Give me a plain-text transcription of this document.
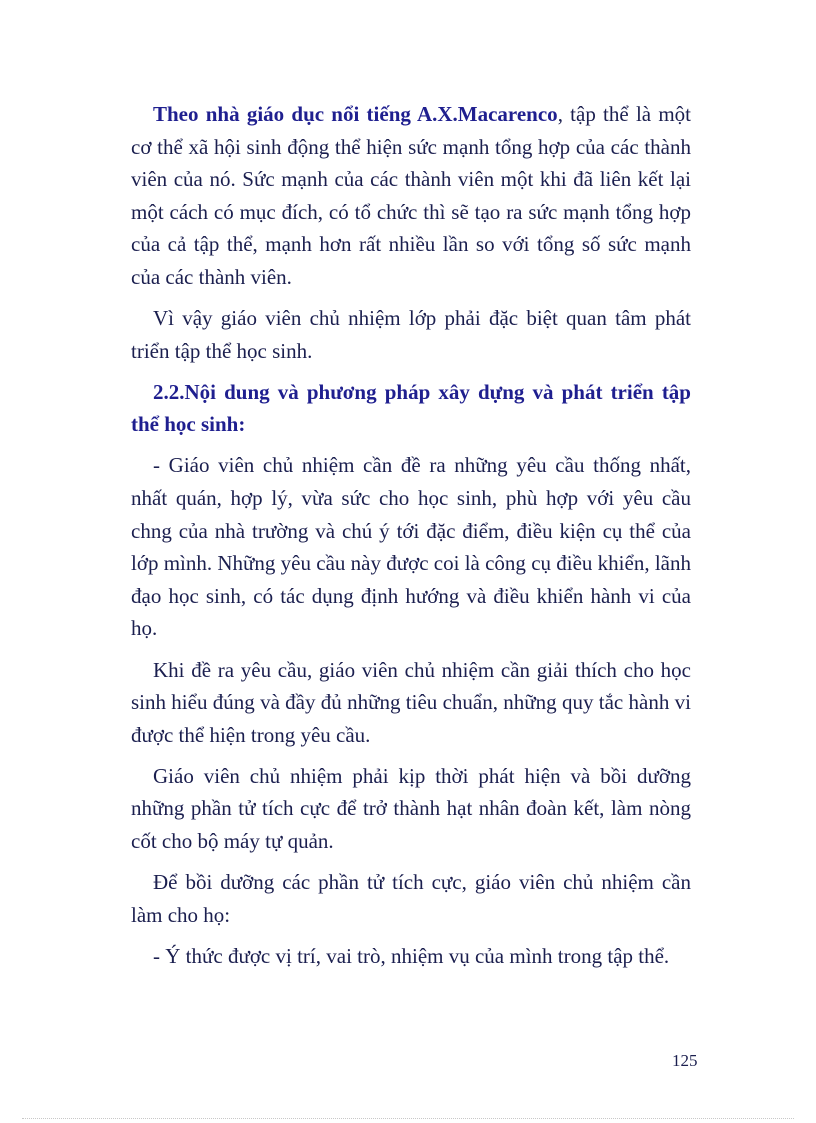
Theo nhà giáo dục nổi tiếng A.X.Macarenco, tập thể là một cơ thể xã hội sinh động thể hiện sức mạnh tổng hợp của các thành viên của nó. Sức mạnh của các thành viên một khi đã liên kết lại một cách có mục đích, có tổ chức thì sẽ tạo ra sức mạnh tổng hợp của cả tập thể, mạnh hơn rất nhiều lần so với tổng số sức mạnh của các thành viên.

Vì vậy giáo viên chủ nhiệm lớp phải đặc biệt quan tâm phát triển tập thể học sinh.

2.2.Nội dung và phương pháp xây dựng và phát triển tập thể học sinh:

- Giáo viên chủ nhiệm cần đề ra những yêu cầu thống nhất, nhất quán, hợp lý, vừa sức cho học sinh, phù hợp với yêu cầu chng của nhà trường và chú ý tới đặc điểm, điều kiện cụ thể của lớp mình. Những yêu cầu này được coi là công cụ điều khiển, lãnh đạo học sinh, có tác dụng định hướng và điều khiển hành vi của họ.

Khi đề ra yêu cầu, giáo viên chủ nhiệm cần giải thích cho học sinh hiểu đúng và đầy đủ những tiêu chuẩn, những quy tắc hành vi được thể hiện trong yêu cầu.

Giáo viên chủ nhiệm phải kịp thời phát hiện và bồi dưỡng những phần tử tích cực để trở thành hạt nhân đoàn kết, làm nòng cốt cho bộ máy tự quản.

Để bồi dưỡng các phần tử tích cực, giáo viên chủ nhiệm cần làm cho họ:

- Ý thức được vị trí, vai trò, nhiệm vụ của mình trong tập thể.

125
